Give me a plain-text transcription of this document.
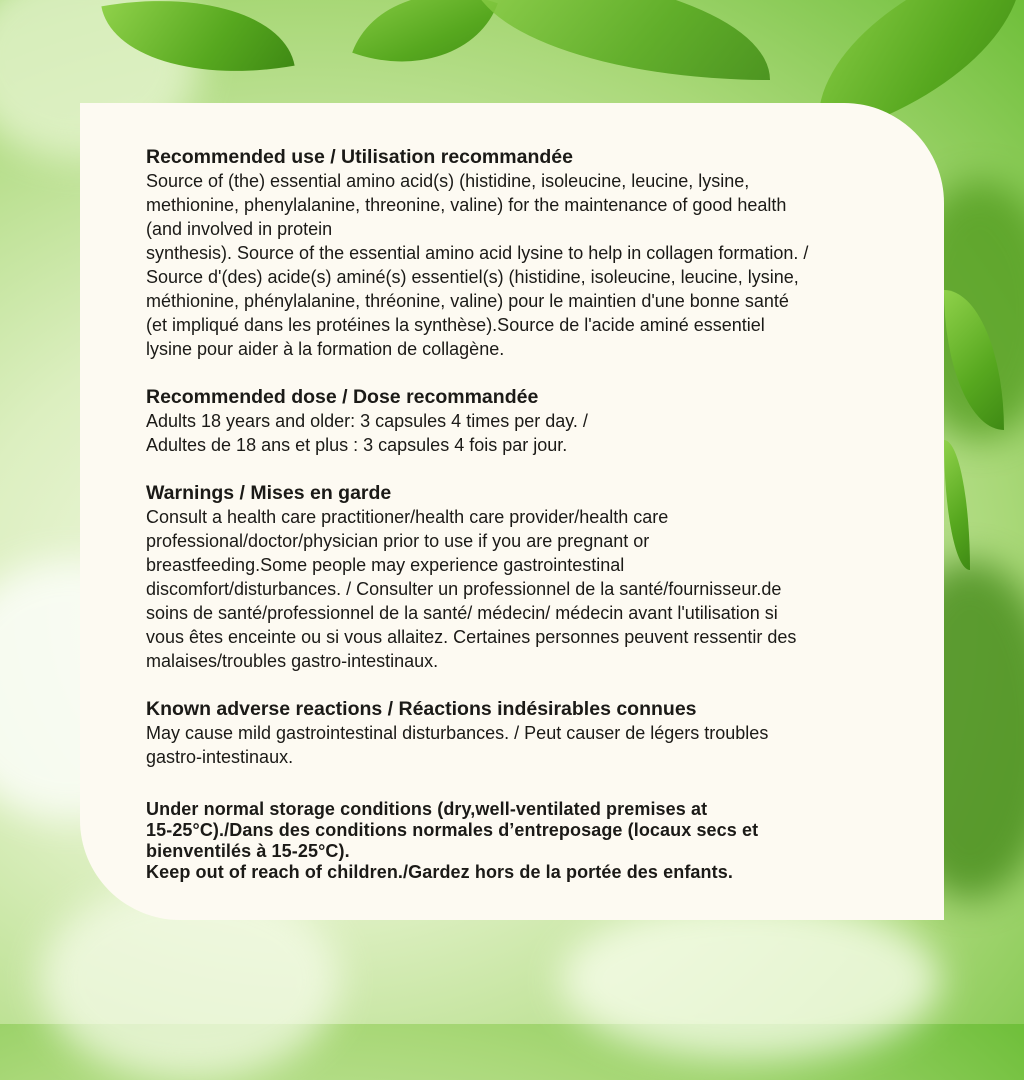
Recommended use / Utilisation recommandée
Source of (the) essential amino acid(s) (histidine, isoleucine, leucine, lysine,
methionine, phenylalanine, threonine, valine) for the maintenance of good health
(and involved in protein
synthesis). Source of the essential amino acid lysine to help in collagen formation. /
Source d'(des) acide(s) aminé(s) essentiel(s) (histidine, isoleucine, leucine, lysine,
méthionine, phénylalanine, thréonine, valine) pour le maintien d'une bonne santé
(et impliqué dans les protéines la synthèse).Source de l'acide aminé essentiel
lysine pour aider à la formation de collagène.
Recommended dose / Dose recommandée
Adults 18 years and older: 3 capsules 4 times per day. /
Adultes de 18 ans et plus : 3 capsules 4 fois par jour.
Warnings / Mises en garde
Consult a health care practitioner/health care provider/health care
professional/doctor/physician prior to use if you are pregnant or
breastfeeding.Some people may experience gastrointestinal
discomfort/disturbances. / Consulter un professionnel de la santé/fournisseur.de
soins de santé/professionnel de la santé/ médecin/ médecin avant l'utilisation si
vous êtes enceinte ou si vous allaitez. Certaines personnes peuvent ressentir des
malaises/troubles gastro-intestinaux.
Known adverse reactions / Réactions indésirables connues
May cause mild gastrointestinal disturbances. / Peut causer de légers troubles
gastro-intestinaux.
Under normal storage conditions (dry,well-ventilated premises at
15-25°C)./Dans des conditions normales d’entreposage (locaux secs et
bienventilés à 15-25°C).
Keep out of reach of children./Gardez hors de la portée des enfants.
